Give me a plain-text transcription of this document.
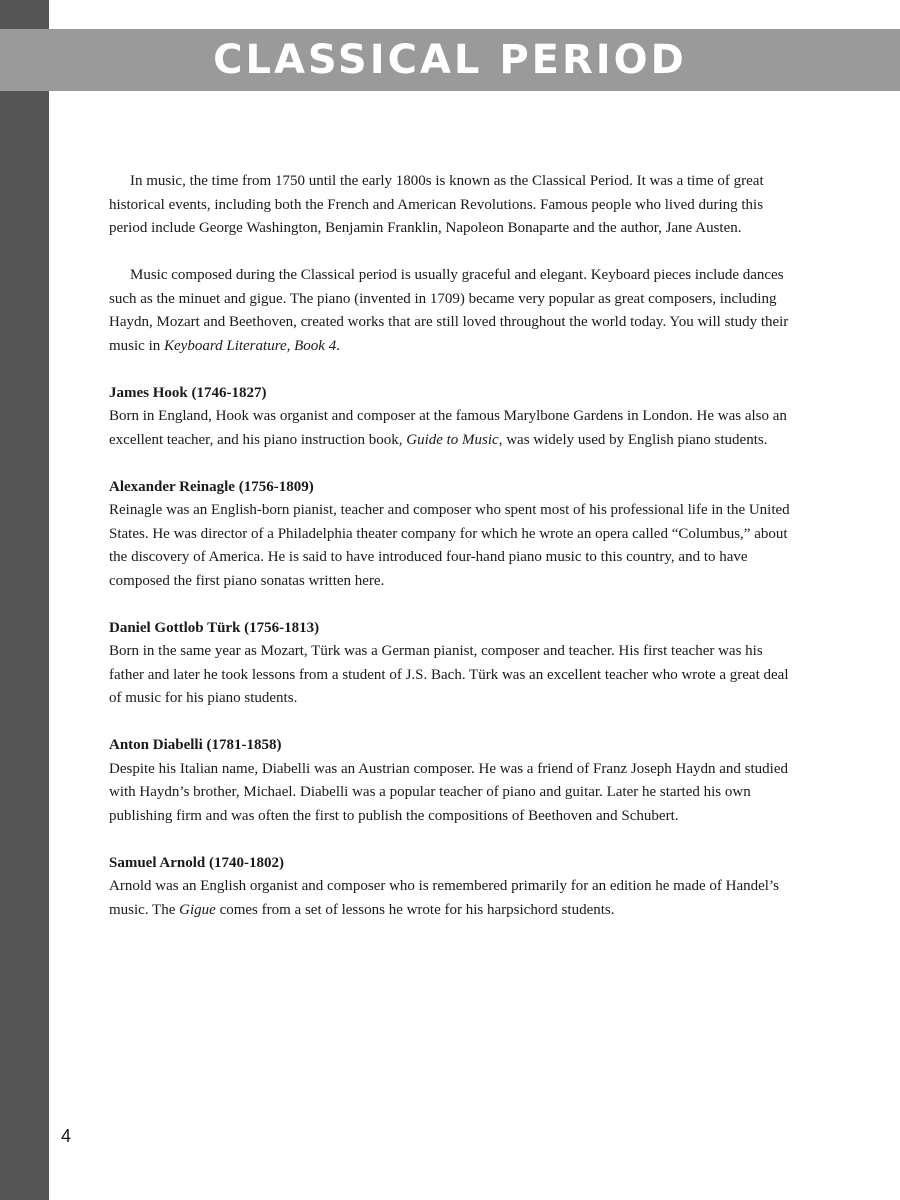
CLASSICAL PERIOD

In music, the time from 1750 until the early 1800s is known as the Classical Period. It was a time of great historical events, including both the French and American Revolutions. Famous people who lived during this period include George Washington, Benjamin Franklin, Napoleon Bonaparte and the author, Jane Austen.

Music composed during the Classical period is usually graceful and elegant. Keyboard pieces include dances such as the minuet and gigue. The piano (invented in 1709) became very popular as great composers, including Haydn, Mozart and Beethoven, created works that are still loved throughout the world today. You will study their music in Keyboard Literature, Book 4.

James Hook (1746-1827)
Born in England, Hook was organist and composer at the famous Marylbone Gardens in London. He was also an excellent teacher, and his piano instruction book, Guide to Music, was widely used by English piano students.
Alexander Reinagle (1756-1809)
Reinagle was an English-born pianist, teacher and composer who spent most of his professional life in the United States. He was director of a Philadelphia theater company for which he wrote an opera called “Columbus,” about the discovery of America. He is said to have introduced four-hand piano music to this country, and to have composed the first piano sonatas written here.
Daniel Gottlob Türk (1756-1813)
Born in the same year as Mozart, Türk was a German pianist, composer and teacher. His first teacher was his father and later he took lessons from a student of J.S. Bach. Türk was an excellent teacher who wrote a great deal of music for his piano students.
Anton Diabelli (1781-1858)
Despite his Italian name, Diabelli was an Austrian composer. He was a friend of Franz Joseph Haydn and studied with Haydn’s brother, Michael. Diabelli was a popular teacher of piano and guitar. Later he started his own publishing firm and was often the first to publish the compositions of Beethoven and Schubert.
Samuel Arnold (1740-1802)
Arnold was an English organist and composer who is remembered primarily for an edition he made of Handel’s music. The Gigue comes from a set of lessons he wrote for his harpsichord students.
4
